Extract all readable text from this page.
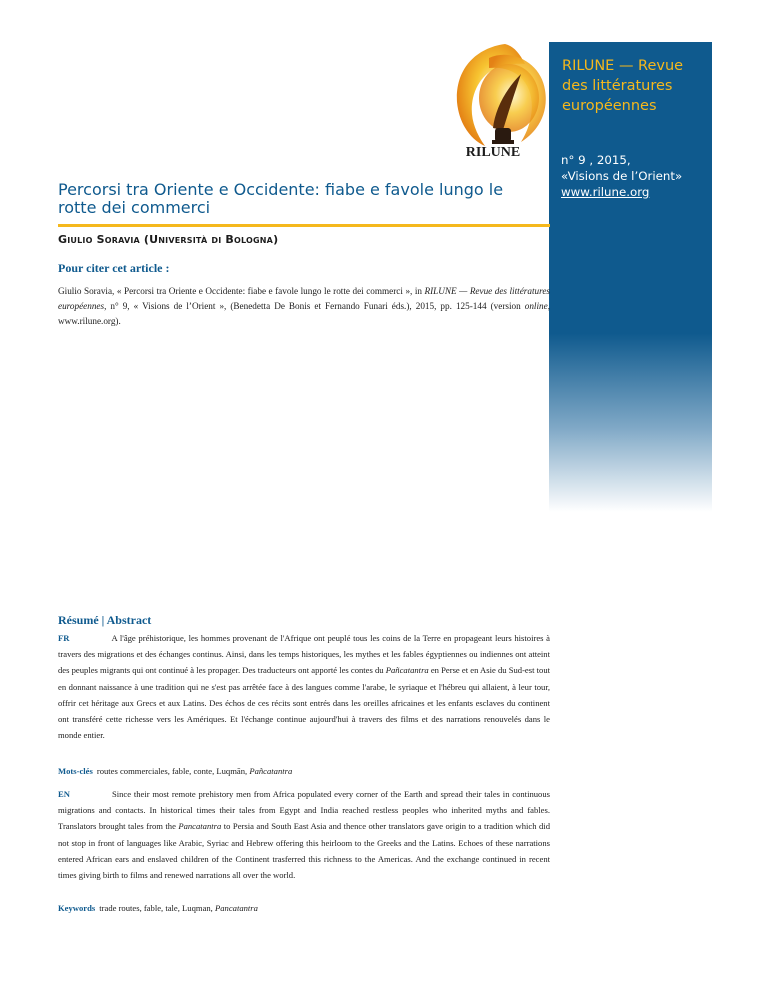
RILUNE
RILUNE — Revue des littératures européennes
n° 9 , 2015,
«Visions de l’Orient»
www.rilune.org
Percorsi tra Oriente e Occidente: fiabe e favole lungo le rotte dei commerci
Giulio Soravia (Università di Bologna)
Pour citer cet article :
Giulio Soravia, « Percorsi tra Oriente e Occidente: fiabe e favole lungo le rotte dei commerci », in RILUNE — Revue des littératures européennes, n° 9, « Visions de l’Orient », (Benedetta De Bonis et Fernando Funari éds.), 2015, pp. 125-144 (version online, www.rilune.org).
Résumé | Abstract
FR	A l'âge préhistorique, les hommes provenant de l'Afrique ont peuplé tous les coins de la Terre en propageant leurs histoires à travers des migrations et des échanges continus. Ainsi, dans les temps historiques, les mythes et les fables égyptiennes ou indiennes ont atteint des peuples migrants qui ont continué à les propager. Des traducteurs ont apporté les contes du Pañcatantra en Perse et en Asie du Sud-est tout en donnant naissance à une tradition qui ne s'est pas arrêtée face à des langues comme l'arabe, le syriaque et l'hébreu qui allaient, à leur tour, offrir cet héritage aux Grecs et aux Latins. Des échos de ces récits sont entrés dans les oreilles africaines et les enfants esclaves du continent ont transféré cette richesse vers les Amériques. Et l'échange continue aujourd'hui à travers des films et des narrations renouvelés dans le monde entier.
Mots-clés routes commerciales, fable, conte, Luqmān, Pañcatantra
EN	Since their most remote prehistory men from Africa populated every corner of the Earth and spread their tales in continuous migrations and contacts. In historical times their tales from Egypt and India reached restless peoples who inherited myths and fables. Translators brought tales from the Pancatantra to Persia and South East Asia and thence other translators gave origin to a tradition which did not stop in front of languages like Arabic, Syriac and Hebrew offering this heirloom to the Greeks and the Latins. Echoes of these narrations entered African ears and enslaved children of the Continent trasferred this richness to the Americas. And the exchange continued in recent times giving birth to films and renewed narrations all over the world.
Keywords trade routes, fable, tale, Luqman, Pancatantra
